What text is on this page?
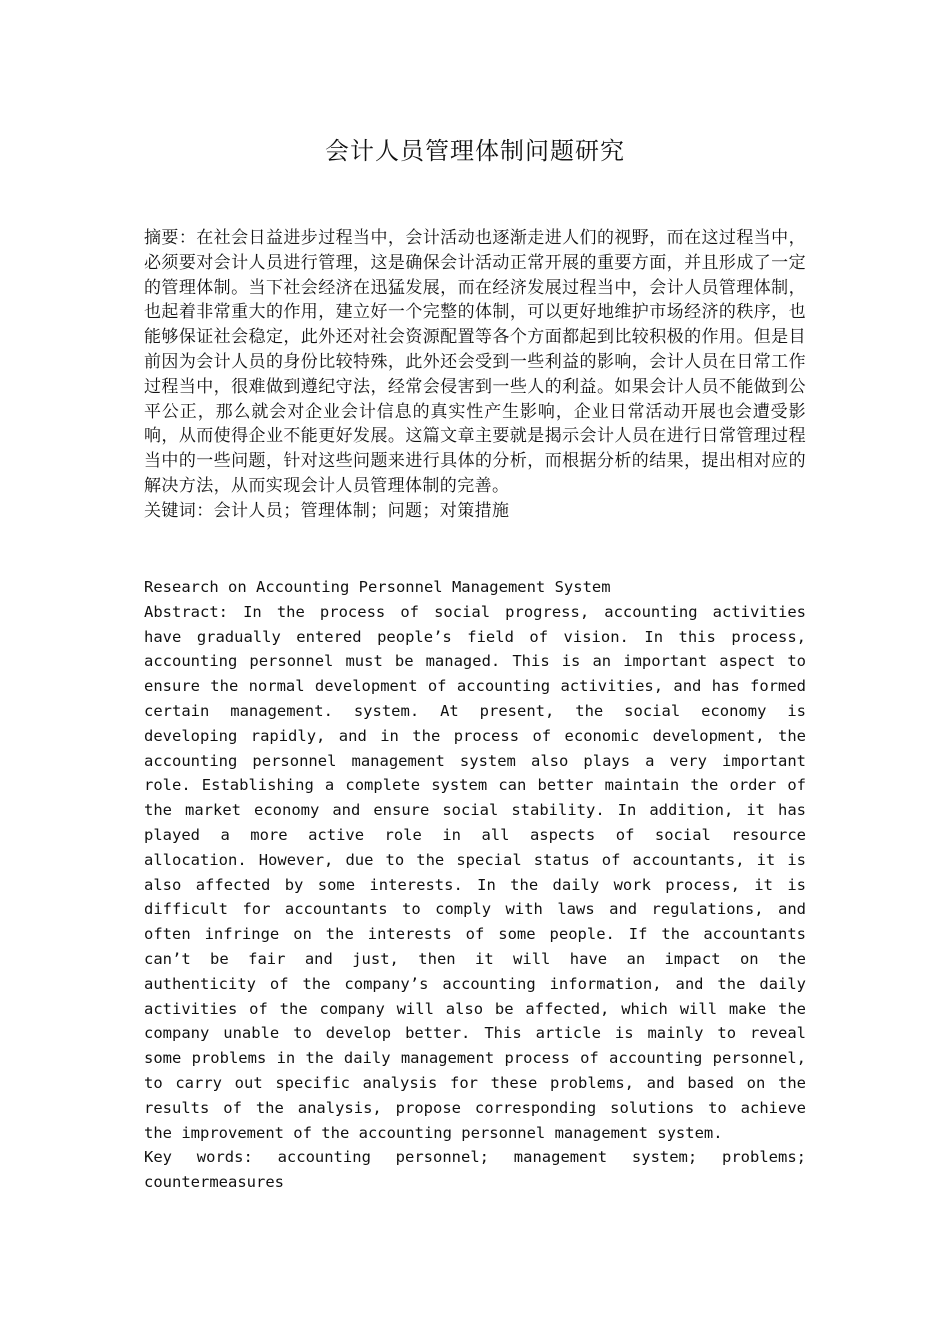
会计人员管理体制问题研究

摘要：在社会日益进步过程当中，会计活动也逐渐走进人们的视野，而在这过程当中，必须要对会计人员进行管理，这是确保会计活动正常开展的重要方面，并且形成了一定的管理体制。当下社会经济在迅猛发展，而在经济发展过程当中，会计人员管理体制，也起着非常重大的作用，建立好一个完整的体制，可以更好地维护市场经济的秩序，也能够保证社会稳定，此外还对社会资源配置等各个方面都起到比较积极的作用。但是目前因为会计人员的身份比较特殊，此外还会受到一些利益的影响，会计人员在日常工作过程当中，很难做到遵纪守法，经常会侵害到一些人的利益。如果会计人员不能做到公平公正，那么就会对企业会计信息的真实性产生影响，企业日常活动开展也会遭受影响，从而使得企业不能更好发展。这篇文章主要就是揭示会计人员在进行日常管理过程当中的一些问题，针对这些问题来进行具体的分析，而根据分析的结果，提出相对应的解决方法，从而实现会计人员管理体制的完善。

关键词：会计人员；管理体制；问题；对策措施

Research on Accounting Personnel Management System

Abstract: In the process of social progress, accounting activities have gradually entered people’s field of vision. In this process, accounting personnel must be managed. This is an important aspect to ensure the normal development of accounting activities, and has formed certain management. system. At present, the social economy is developing rapidly, and in the process of economic development, the accounting personnel management system also plays a very important role. Establishing a complete system can better maintain the order of the market economy and ensure social stability. In addition, it has played a more active role in all aspects of social resource allocation. However, due to the special status of accountants, it is also affected by some interests. In the daily work process, it is difficult for accountants to comply with laws and regulations, and often infringe on the interests of some people. If the accountants can’t be fair and just, then it will have an impact on the authenticity of the company’s accounting information, and the daily activities of the company will also be affected, which will make the company unable to develop better. This article is mainly to reveal some problems in the daily management process of accounting personnel, to carry out specific analysis for these problems, and based on the results of the analysis, propose corresponding solutions to achieve the improvement of the accounting personnel management system.

Key words: accounting personnel; management system; problems; countermeasures
